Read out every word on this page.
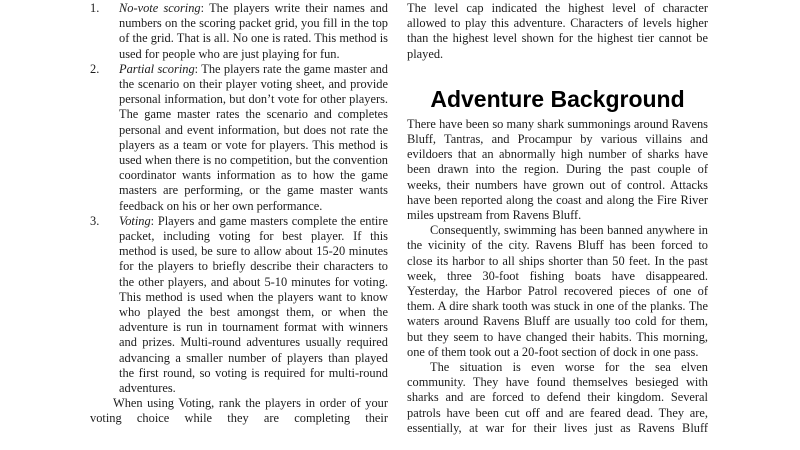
1.	No-vote scoring: The players write their names and numbers on the scoring packet grid, you fill in the top of the grid. That is all. No one is rated. This method is used for people who are just playing for fun.
2.	Partial scoring: The players rate the game master and the scenario on their player voting sheet, and provide personal information, but don’t vote for other players. The game master rates the scenario and completes personal and event information, but does not rate the players as a team or vote for players. This method is used when there is no competition, but the convention coordinator wants information as to how the game masters are performing, or the game master wants feedback on his or her own performance.
3.	Voting: Players and game masters complete the entire packet, including voting for best player. If this method is used, be sure to allow about 15-20 minutes for the players to briefly describe their characters to the other players, and about 5-10 minutes for voting. This method is used when the players want to know who played the best amongst them, or when the adventure is run in tournament format with winners and prizes. Multi-round adventures usually required advancing a smaller number of players than played the first round, so voting is required for multi-round adventures.

When using Voting, rank the players in order of your voting choice while they are completing their

The level cap indicated the highest level of character allowed to play this adventure. Characters of levels higher than the highest level shown for the highest tier cannot be played.

Adventure Background

There have been so many shark summonings around Ravens Bluff, Tantras, and Procampur by various villains and evildoers that an abnormally high number of sharks have been drawn into the region. During the past couple of weeks, their numbers have grown out of control. Attacks have been reported along the coast and along the Fire River miles upstream from Ravens Bluff.

Consequently, swimming has been banned anywhere in the vicinity of the city. Ravens Bluff has been forced to close its harbor to all ships shorter than 50 feet. In the past week, three 30-foot fishing boats have disappeared. Yesterday, the Harbor Patrol recovered pieces of one of them. A dire shark tooth was stuck in one of the planks. The waters around Ravens Bluff are usually too cold for them, but they seem to have changed their habits. This morning, one of them took out a 20-foot section of dock in one pass.

The situation is even worse for the sea elven community. They have found themselves besieged with sharks and are forced to defend their kingdom. Several patrols have been cut off and are feared dead. They are, essentially, at war for their lives just as Ravens Bluff
